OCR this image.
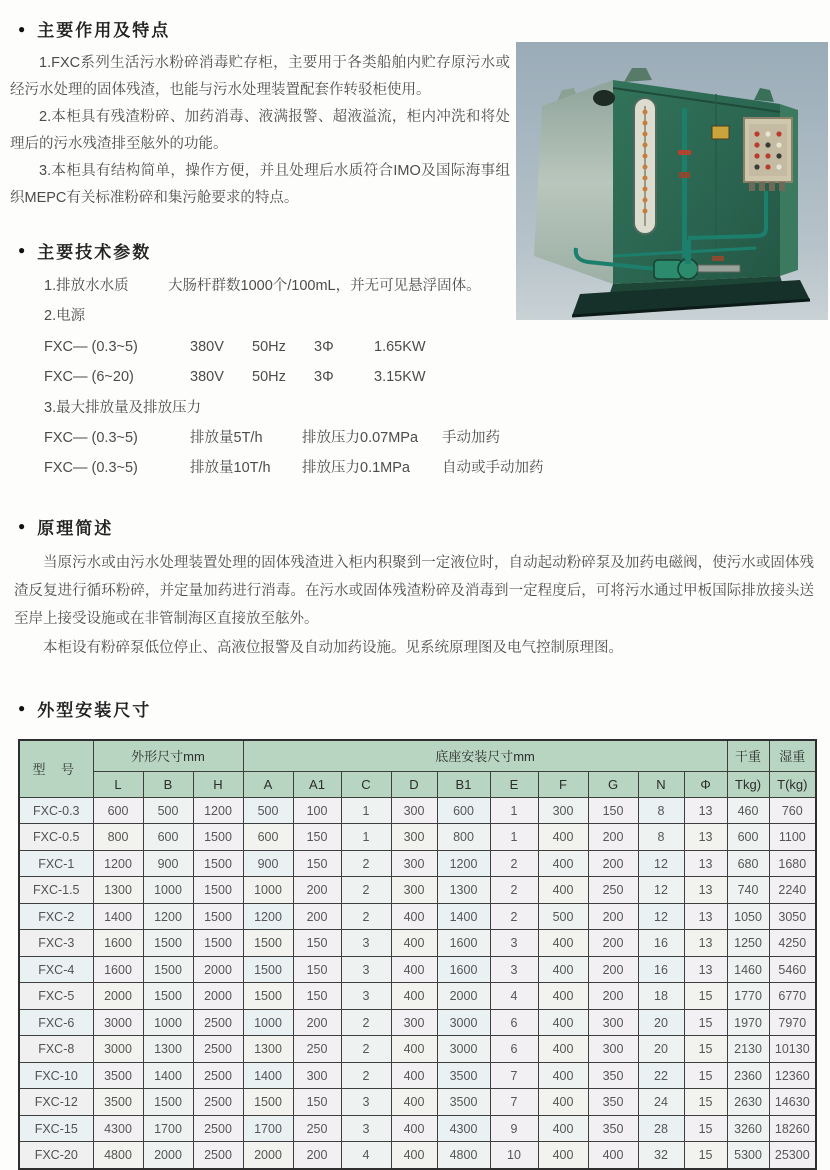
● 主要作用及特点

1.FXC系列生活污水粉碎消毒贮存柜，主要用于各类船舶内贮存原污水或经污水处理的固体残渣，也能与污水处理装置配套作转驳柜使用。

2.本柜具有残渣粉碎、加药消毒、液满报警、超液溢流，柜内冲洗和将处理后的污水残渣排至舷外的功能。

3.本柜具有结构简单，操作方便，并且处理后水质符合IMO及国际海事组织MEPC有关标准粉碎和集污舱要求的特点。

● 主要技术参数
1.排放水水质	大肠杆群数1000个/100mL，并无可见悬浮固体。
2.电源
FXC— (0.3~5)	380V	50Hz	3Φ	1.65KW
FXC— (6~20)	380V	50Hz	3Φ	3.15KW
3.最大排放量及排放压力
FXC— (0.3~5)	排放量5T/h	排放压力0.07MPa	手动加药
FXC— (0.3~5)	排放量10T/h	排放压力0.1MPa	自动或手动加药
● 原理简述

当原污水或由污水处理装置处理的固体残渣进入柜内积聚到一定液位时，自动起动粉碎泵及加药电磁阀，使污水或固体残渣反复进行循环粉碎，并定量加药进行消毒。在污水或固体残渣粉碎及消毒到一定程度后，可将污水通过甲板国际排放接头送至岸上接受设施或在非管制海区直接放至舷外。

本柜设有粉碎泵低位停止、高液位报警及自动加药设施。见系统原理图及电气控制原理图。

● 外型安装尺寸
型 号	外形尺寸mm			底座安装尺寸mm										干重	湿重
	L	B	H	A	A1	C	D	B1	E	F	G	N	Φ	Tkg)	T(kg)
FXC-0.3	600	500	1200	500	100	1	300	600	1	300	150	8	13	460	760
FXC-0.5	800	600	1500	600	150	1	300	800	1	400	200	8	13	600	1100
FXC-1	1200	900	1500	900	150	2	300	1200	2	400	200	12	13	680	1680
FXC-1.5	1300	1000	1500	1000	200	2	300	1300	2	400	250	12	13	740	2240
FXC-2	1400	1200	1500	1200	200	2	400	1400	2	500	200	12	13	1050	3050
FXC-3	1600	1500	1500	1500	150	3	400	1600	3	400	200	16	13	1250	4250
FXC-4	1600	1500	2000	1500	150	3	400	1600	3	400	200	16	13	1460	5460
FXC-5	2000	1500	2000	1500	150	3	400	2000	4	400	200	18	15	1770	6770
FXC-6	3000	1000	2500	1000	200	2	300	3000	6	400	300	20	15	1970	7970
FXC-8	3000	1300	2500	1300	250	2	400	3000	6	400	300	20	15	2130	10130
FXC-10	3500	1400	2500	1400	300	2	400	3500	7	400	350	22	15	2360	12360
FXC-12	3500	1500	2500	1500	150	3	400	3500	7	400	350	24	15	2630	14630
FXC-15	4300	1700	2500	1700	250	3	400	4300	9	400	350	28	15	3260	18260
FXC-20	4800	2000	2500	2000	200	4	400	4800	10	400	400	32	15	5300	25300
